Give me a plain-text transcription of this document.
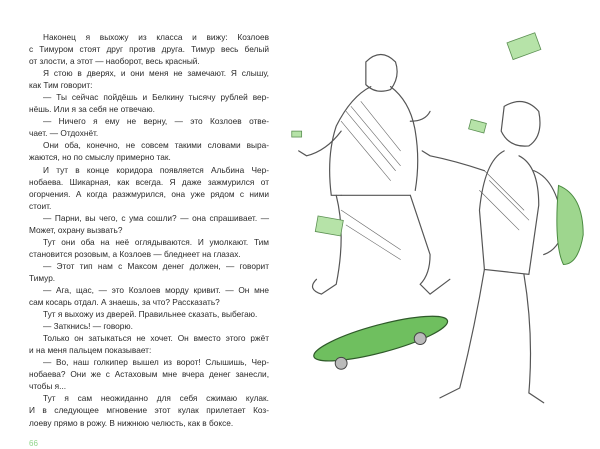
Наконец я выхожу из класса и вижу: Козлоев
с Тимуром стоят друг против друга. Тимур весь белый
от злости, а этот — наоборот, весь красный.
Я стою в дверях, и они меня не замечают. Я слышу,
как Тим говорит:
— Ты сейчас пойдёшь и Белкину тысячу рублей вер-
нёшь. Или я за себя не отвечаю.
— Ничего я ему не верну, — это Козлоев отве-
чает. — Отдохнёт.
Они оба, конечно, не совсем такими словами выра-
жаются, но по смыслу примерно так.
И тут в конце коридора появляется Альбина Чер-
нобаева. Шикарная, как всегда. Я даже зажмурился от
огорчения. А когда разжмурился, она уже рядом с ними
стоит.
— Парни, вы чего, с ума сошли? — она спрашивает. —
Может, охрану вызвать?
Тут они оба на неё оглядываются. И умолкают. Тим
становится розовым, а Козлоев — бледнеет на глазах.
— Этот тип нам с Максом денег должен, — говорит
Тимур.
— Ага, щас, — это Козлоев морду кривит. — Он мне
сам косарь отдал. А знаешь, за что? Рассказать?
Тут я выхожу из дверей. Правильнее сказать, выбегаю.
— Заткнись! — говорю.
Только он затыкаться не хочет. Он вместо этого ржёт
и на меня пальцем показывает:
— Во, наш голкипер вышел из ворот! Слышишь, Чер-
нобаева? Они же с Астаховым мне вчера денег занесли,
чтобы я...
Тут я сам неожиданно для себя сжимаю кулак.
И в следующее мгновение этот кулак прилетает Коз-
лоеву прямо в рожу. В нижнюю челюсть, как в боксе.
66
